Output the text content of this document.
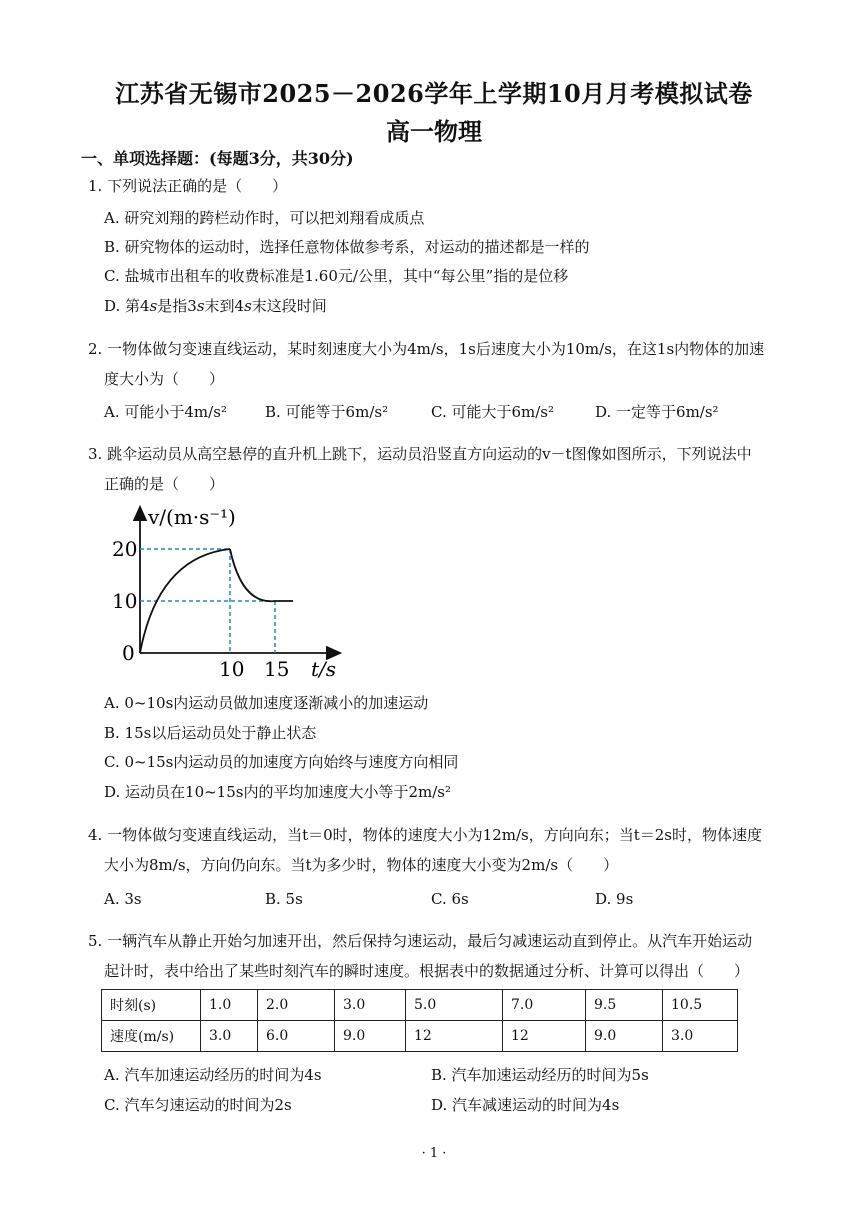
江苏省无锡市2025－2026学年上学期10月月考模拟试卷
高一物理
一、单项选择题：(每题3分，共30分)
1. 下列说法正确的是（　　）
A. 研究刘翔的跨栏动作时，可以把刘翔看成质点
B. 研究物体的运动时，选择任意物体做参考系，对运动的描述都是一样的
C. 盐城市出租车的收费标准是1.60元/公里，其中“每公里”指的是位移
D. 第4s是指3s末到4s末这段时间
2. 一物体做匀变速直线运动，某时刻速度大小为4m/s，1s后速度大小为10m/s，在这1s内物体的加速
度大小为（　　）
A. 可能小于4m/s²	B. 可能等于6m/s²	C. 可能大于6m/s²	D. 一定等于6m/s²
3. 跳伞运动员从高空悬停的直升机上跳下，运动员沿竖直方向运动的v－t图像如图所示，下列说法中
正确的是（　　）
v/(m·s⁻¹)
t/s
0
20
10
10 15
A. 0~10s内运动员做加速度逐渐减小的加速运动
B. 15s以后运动员处于静止状态
C. 0~15s内运动员的加速度方向始终与速度方向相同
D. 运动员在10~15s内的平均加速度大小等于2m/s²
4. 一物体做匀变速直线运动，当t＝0时，物体的速度大小为12m/s，方向向东；当t＝2s时，物体速度
大小为8m/s，方向仍向东。当t为多少时，物体的速度大小变为2m/s（　　）
A. 3s	B. 5s	C. 6s	D. 9s
5. 一辆汽车从静止开始匀加速开出，然后保持匀速运动，最后匀减速运动直到停止。从汽车开始运动
起计时，表中给出了某些时刻汽车的瞬时速度。根据表中的数据通过分析、计算可以得出（　　）
时刻(s)	1.0	2.0	3.0	5.0	7.0	9.5	10.5
速度(m/s)	3.0	6.0	9.0	12	12	9.0	3.0
A. 汽车加速运动经历的时间为4s	B. 汽车加速运动经历的时间为5s
C. 汽车匀速运动的时间为2s	D. 汽车减速运动的时间为4s
· 1 ·
